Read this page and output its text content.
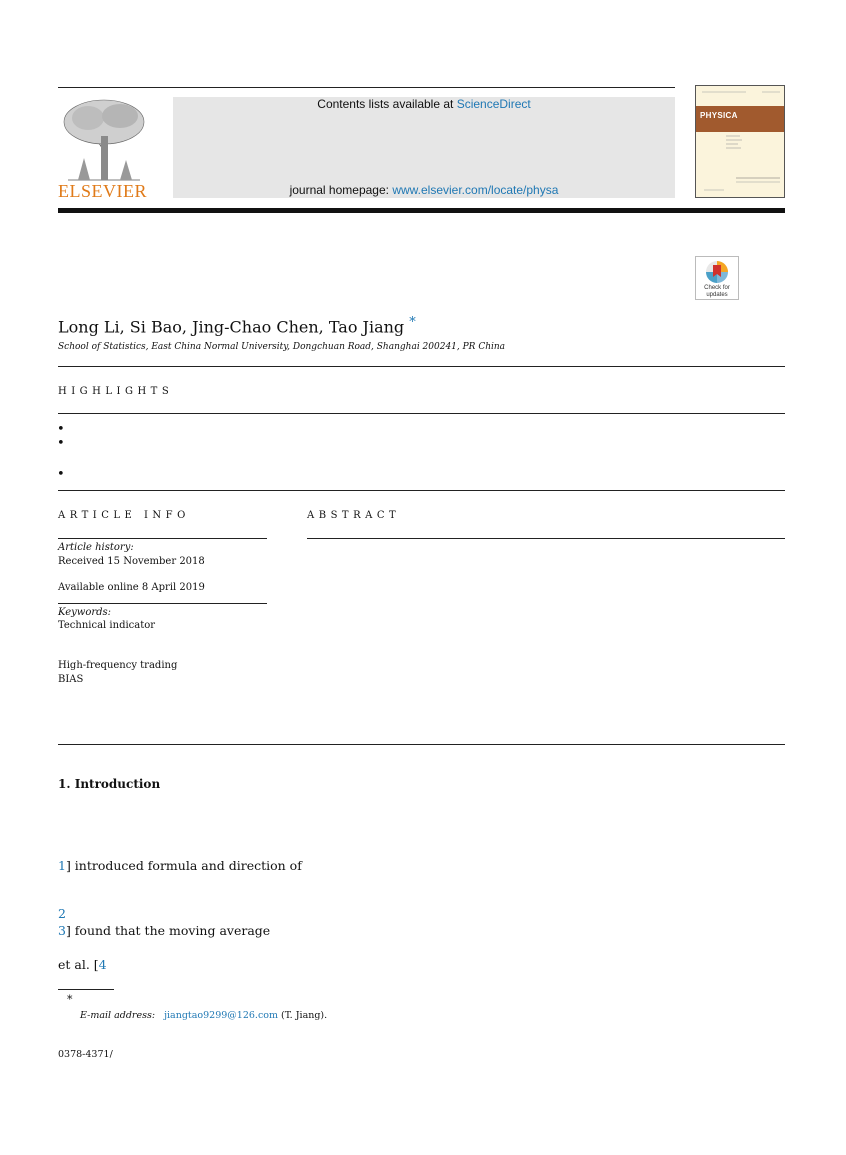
ELSEVIER
Contents lists available at ScienceDirect
journal homepage: www.elsevier.com/locate/physa
PHYSICA
Check for
updates
Long Li, Si Bao, Jing-Chao Chen, Tao Jiang *
School of Statistics, East China Normal University, Dongchuan Road, Shanghai 200241, PR China
HIGHLIGHTS
•
•
•
ARTICLE INFO
Article history:
Received 15 November 2018
Available online 8 April 2019
Keywords:
Technical indicator
High-frequency trading
BIAS
ABSTRACT
1. Introduction
1] introduced formula and direction of
2
3] found that the moving average
et al. [4
*
E-mail address: jiangtao9299@126.com (T. Jiang).
0378-4371/
